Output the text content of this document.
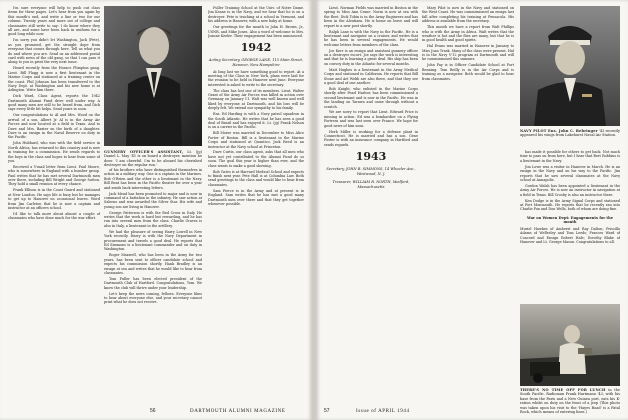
I'm sure everyone will help to push out class items for these pages. Let's hear from you again by this month's end, and write a line or two for our column. Twenty years and more out of college and classmates still write to say: I do know where they all are, and some have been back in uniform for a good long while now.

I'm sorry you didn't let Washington, Jack (Pete), as you promised, get the straight dope from everyone that comes through here. Tell us what you do and where you are. Send us an addressed postal card with news of the old gang, so that I can pass it along to you in print the very next issue.

Heard recently from the Horace Plimpton gang. Lieut. Bill Flagg is now a first lieutenant in the Marine Corps and stationed at a training center on the coast. Phil Johnson has been transferred to the Navy Dept. at Washington and his new home is at Arlington. Write him there.

Dick Ward, Class Agent, reports the 1942 Dartmouth Alumni Fund drive well under way. A good many men are still to be heard from, and Dick says every little bit helps. Send yours in soon.

Our congratulations to Al and Mrs. Wood on the arrival of a son, Albert Jr. Al is in the Army Air Forces and now located at a field in Texas. And to Dave and Mrs. Baxter on the birth of a daughter. Dave is an ensign in the Naval Reserve on duty in the Pacific.

John Hubbard, who was with the field service in North Africa, has returned to this country and is now in training for a commission. He sends regards to the boys in the class and hopes to hear from some of you.

Received a V-mail letter from Lieut. Paul Moore, who is somewhere in England with a bomber group. Paul writes that he has met several Dartmouth men over there, including Bill Wright and George Sutton. They hold a small reunion at every chance.

Frank Ellison is in the Coast Guard and stationed at New London. He says life is busy but he manages to get up to Hanover on occasional leaves. Word from Jim Carleton that he is now a captain and instructor at an officers school.

I'd like to talk more about almost a couple of classmates who have done much for the war effort.

GUNNERY OFFICER'S ASSISTANT, Lt. (jg) Daniel L. May '41 is on board a destroyer, mention he does: 'I am cheerful. I'm to be aboard his cherished destroyer on the regular run.'

of his brothers who have distinguished themselves in action in a military way. One is a captain in the Marines. Bob O'Brien and the other is a lieutenant in the Navy. Bill Bent has been in the Pacific theater for over a year and sends back interesting letters.

Jack Mead has been promoted to major and is now in command of a battalion in the infantry. He saw action at Salerno and was awarded the Silver Star. His wife and young son are living in Hanover.

George Patterson is with the Red Cross in Italy. He writes that the work is hard but rewarding, and he has run into several men from the class. Charlie Graves is also in Italy, a lieutenant in the artillery.

We had the pleasure of seeing Harry Lowell in New York recently. Harry is with the Navy Department in procurement and travels a good deal. He reports that Ed Simmons is a lieutenant commander and on duty in Washington.

Roger Maxwell, who has been in the Army for two years, has been sent to officer candidate school and expects his commission shortly. Hank Bradley is an ensign at sea and writes that he would like to hear from classmates.

Tom Fuller has been elected president of the Dartmouth Club of Hartford. Congratulations, Tom. We know the club will thrive under your leadership.

Let's keep the news coming, fellows. Everyone likes to hear about everyone else, and your secretary cannot print what he does not receive.

Fuller Training School at the Univ. of Notre Dame. Jim Keane is in the Navy, and we hear that he is on a destroyer. Pete is teaching at a school in Vermont, and his address is Hanover, with a new baby at home.

Our greetings for the month to John H. Brown, Jr., USNR, and Mike Jones. Also a word of welcome to Mrs. Joanne Keeler. Their engagement has been announced.

1942
Acting Secretary, GEORGE LANE, 115 Main Street, Hanover, New Hampshire

At long last we have something good to report. At a meeting of the Class in New York, plans were laid for the reunion to be held in Hanover next June. Everyone interested is asked to write to the secretary.

The class has lost one of its members. Lieut. Walter Grant of the Army Air Forces was killed in action over Germany on January 11. Walt was well known and well liked by everyone at Dartmouth, and his loss will be deeply felt. We extend our sympathy to his family.

Ens. Ed Harding is with a Navy patrol squadron in the South Atlantic. He writes that he has seen a good deal of Brazil and has enjoyed it. Lt. (jg) Frank Nelson is on a carrier in the Pacific.

Bill Morse was married in December to Miss Alice Porter of Boston. Bill is a lieutenant in the Marine Corps and stationed at Quantico. Jack Reed is an instructor at the Navy school at Princeton.

Dave Curtis, our class agent, asks that all men who have not yet contributed to the Alumni Fund do so soon. The goal this year is higher than ever, and the class wants to make a good showing.

Bob Gates is at Harvard Medical School and expects to finish next year. Pete Hall is at Columbia Law. Both send greetings to the class and would like to hear from classmates.

Sam Pierce is in the Army and at present is in England. Sam writes that he has met a good many Dartmouth men over there and that they get together whenever possible.

56	DARTMOUTH ALUMNI MAGAZINE

Lieut. Norman Fields was married in Boston in the spring to Miss Ann Crane. Norm is now at sea with the fleet. Dick Tobin is in the Army Engineers and has been in the Aleutians. He is home on leave and will report to a new post shortly.

Ralph Lane is with the Navy in the Pacific. He is a lieutenant and navigator on a cruiser, and writes that he has been in several engagements. He would welcome letters from members of the class.

Joe Kerr is an ensign and assistant gunnery officer on a destroyer escort. Joe says the work is interesting and that he is learning a great deal. His ship has been on convoy duty in the Atlantic for several months.

Matt Hughes is a lieutenant in the Army Medical Corps and stationed in California. He reports that Bill Stone and Art Webb are also there, and that they see a good deal of one another.

Bob Knight, who enlisted in the Marine Corps shortly after Pearl Harbor, has been commissioned a second lieutenant and is now in the Pacific. He was in the landing on Tarawa and came through without a scratch.

We are sorry to report that Lieut. Edward Price is missing in action. Ed was a bombardier on a Flying Fortress and was last seen over France. We hope for good news of him soon.

Herb Miller is working for a defense plant in Connecticut. He is married and has a son. Gene Foster is with an insurance company in Hartford and sends regards.

1943
Secretary, JOHN B. SIMMONS, 14 Wheeler Ave., Westwood, N. J.
Treasurer, WILLIAM R. NORTH, Medford, Massachusetts

Mary Pilot is now in the Navy and stationed on the West Coast. He was commissioned an ensign last fall after completing his training at Pensacola. His address is available from the secretary.

This month we have a report from Walt Phillips who is with the Army in Africa. Walt writes that the weather is hot and the flies are many, but that he is in good health and good spirits.

Hal Evans was married in Hanover in January to Miss Joan Trask. Many of the class were present. Hal is in the Navy V-12 program at Dartmouth and will be commissioned this summer.

John Fay is in Officer Candidate School at Fort Benning. Tom Reilly is in the Air Corps and is training as a navigator. Both would be glad to hear from classmates.

NAVY PILOT Ens. John C. Behringer '43 recently appeared his wings from Lakehurst Naval Air Station.

has made it possible for others to get back. Not much time to pass on from here, but I hear that Bert Robbins is a lieutenant in the Navy.

Jim Lowe was a visitor in Hanover in March. He is an ensign in the Navy and on his way to the Pacific. Jim reports that he saw several classmates at the Navy school at Annapolis.

Gordon Walsh has been appointed a lieutenant in the Army Air Forces. He is now an instructor in navigation at a field in Texas. Bill Crosby is also an instructor there.

Ken Dodge is in the Army Signal Corps and stationed at Fort Monmouth. He reports that he recently ran into Charlie Fox and Don Wells, both of whom are doing fine.

War on Women Dept: Engagements for the month

Muriel Hawkes of Amherst and Ray Dalton; Priscilla Adams of Wellesley and Tom Leeds; Frances Ward of Concord and Ensign Robert Hale; Dorothy Blake of Hanover and Lt. George Mason. Congratulations to all.

THERE'S NO TIME OFF FOR LUNCH in the South Pacific. Radioman Frank Hartmann '43, with his base from the Paris and a New Guinea port, eats his K-ration whilst on duty on the front of a jeep (This photo was taken upon his visit to the 'Hayes Road' is a Fatal Rock, which means of entering lines.)
57	Issue of APRIL 1944
